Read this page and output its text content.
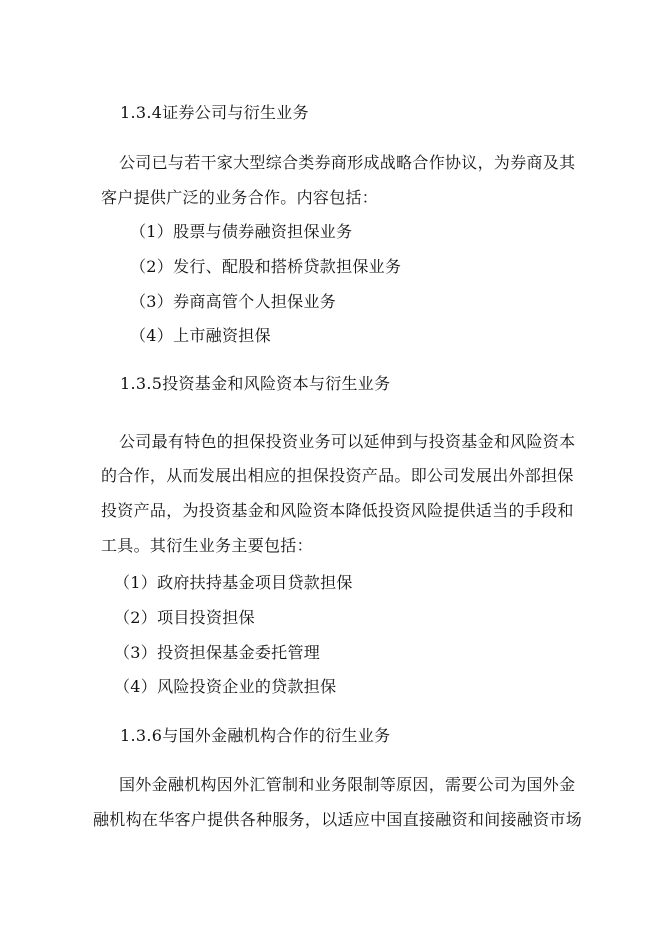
1.3.4证券公司与衍生业务
公司已与若干家大型综合类券商形成战略合作协议，为券商及其
客户提供广泛的业务合作。内容包括：
（1）股票与债券融资担保业务
（2）发行、配股和搭桥贷款担保业务
（3）券商高管个人担保业务
（4）上市融资担保
1.3.5投资基金和风险资本与衍生业务
公司最有特色的担保投资业务可以延伸到与投资基金和风险资本
的合作，从而发展出相应的担保投资产品。即公司发展出外部担保
投资产品，为投资基金和风险资本降低投资风险提供适当的手段和
工具。其衍生业务主要包括：
（1）政府扶持基金项目贷款担保
（2）项目投资担保
（3）投资担保基金委托管理
（4）风险投资企业的贷款担保
1.3.6与国外金融机构合作的衍生业务
国外金融机构因外汇管制和业务限制等原因，需要公司为国外金
融机构在华客户提供各种服务，以适应中国直接融资和间接融资市场
